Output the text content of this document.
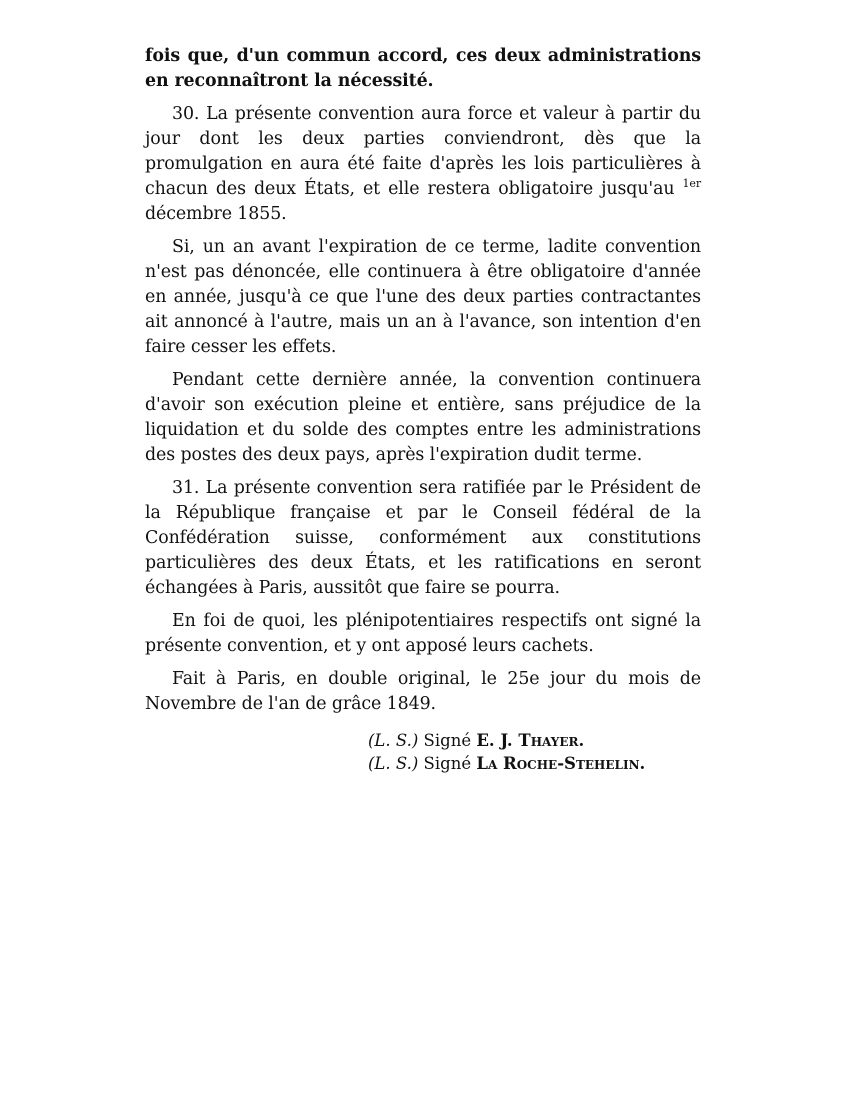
fois que, d'un commun accord, ces deux administrations en reconnaîtront la nécessité.

30. La présente convention aura force et valeur à partir du jour dont les deux parties conviendront, dès que la promulgation en aura été faite d'après les lois particulières à chacun des deux États, et elle restera obligatoire jusqu'au $^{1er}$ décembre 1855.

Si, un an avant l'expiration de ce terme, ladite convention n'est pas dénoncée, elle continuera à être obligatoire d'année en année, jusqu'à ce que l'une des deux parties contractantes ait annoncé à l'autre, mais un an à l'avance, son intention d'en faire cesser les effets.

Pendant cette dernière année, la convention continuera d'avoir son exécution pleine et entière, sans préjudice de la liquidation et du solde des comptes entre les administrations des postes des deux pays, après l'expiration dudit terme.

31. La présente convention sera ratifiée par le Président de la République française et par le Conseil fédéral de la Confédération suisse, conformément aux constitutions particulières des deux États, et les ratifications en seront échangées à Paris, aussitôt que faire se pourra.

En foi de quoi, les plénipotentiaires respectifs ont signé la présente convention, et y ont apposé leurs cachets.

Fait à Paris, en double original, le 25e jour du mois de Novembre de l'an de grâce 1849.

(L. S.) Signé E. J. Thayer.
(L. S.) Signé La Roche-Stehelin.
